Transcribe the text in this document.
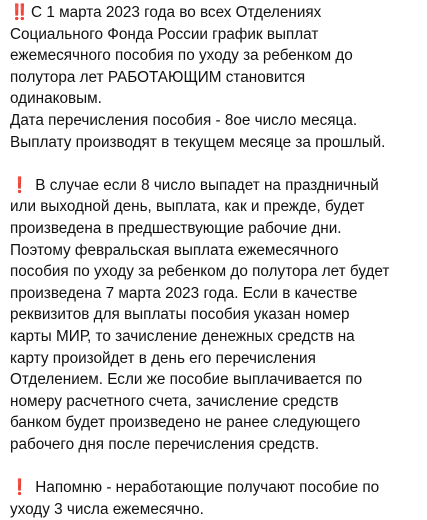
‼️ С 1 марта 2023 года во всех Отделениях
Социального Фонда России график выплат
ежемесячного пособия по уходу за ребенком до
полутора лет РАБОТАЮЩИМ становится
одинаковым.
Дата перечисления пособия - 8ое число месяца.
Выплату производят в текущем месяце за прошлый.

❗ В случае если 8 число выпадет на праздничный
или выходной день, выплата, как и прежде, будет
произведена в предшествующие рабочие дни.
Поэтому февральская выплата ежемесячного
пособия по уходу за ребенком до полутора лет будет
произведена 7 марта 2023 года. Если в качестве
реквизитов для выплаты пособия указан номер
карты МИР, то зачисление денежных средств на
карту произойдет в день его перечисления
Отделением. Если же пособие выплачивается по
номеру расчетного счета, зачисление средств
банком будет произведено не ранее следующего
рабочего дня после перечисления средств.

❗ Напомню - неработающие получают пособие по
уходу 3 числа ежемесячно.
